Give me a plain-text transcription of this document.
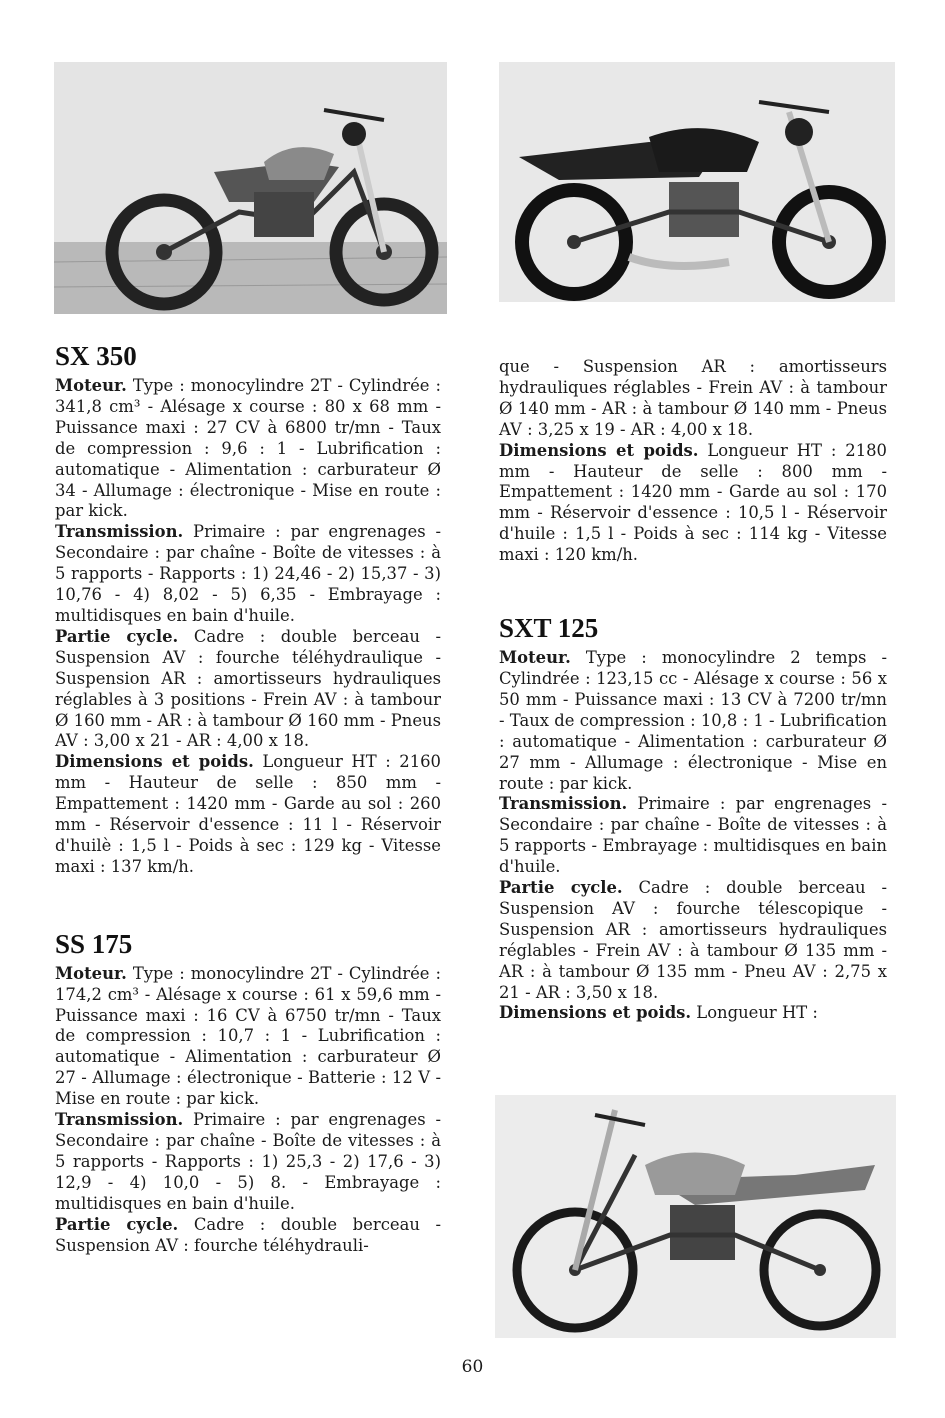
SX 350

Moteur. Type : monocylindre 2T - Cylindrée : 341,8 cm³ - Alésage x course : 80 x 68 mm - Puissance maxi : 27 CV à 6800 tr/mn - Taux de compression : 9,6 : 1 - Lubrification : automatique - Alimentation : carburateur Ø 34 - Allumage : électronique - Mise en route : par kick.

Transmission. Primaire : par engrenages - Secondaire : par chaîne - Boîte de vitesses : à 5 rapports - Rapports : 1) 24,46 - 2) 15,37 - 3) 10,76 - 4) 8,02 - 5) 6,35 - Embrayage : multidisques en bain d'huile.

Partie cycle. Cadre : double berceau - Suspension AV : fourche téléhydraulique - Suspension AR : amortisseurs hydrauliques réglables à 3 positions - Frein AV : à tambour Ø 160 mm - AR : à tambour Ø 160 mm - Pneus AV : 3,00 x 21 - AR : 4,00 x 18.

Dimensions et poids. Longueur HT : 2160 mm - Hauteur de selle : 850 mm - Empattement : 1420 mm - Garde au sol : 260 mm - Réservoir d'essence : 11 l - Réservoir d'huilè : 1,5 l - Poids à sec : 129 kg - Vitesse maxi : 137 km/h.

SS 175

Moteur. Type : monocylindre 2T - Cylindrée : 174,2 cm³ - Alésage x course : 61 x 59,6 mm - Puissance maxi : 16 CV à 6750 tr/mn - Taux de compression : 10,7 : 1 - Lubrification : automatique - Alimentation : carburateur Ø 27 - Allumage : électronique - Batterie : 12 V - Mise en route : par kick.

Transmission. Primaire : par engrenages - Secondaire : par chaîne - Boîte de vitesses : à 5 rapports - Rapports : 1) 25,3 - 2) 17,6 - 3) 12,9 - 4) 10,0 - 5) 8. - Embrayage : multidisques en bain d'huile.

Partie cycle. Cadre : double berceau - Suspension AV : fourche téléhydrauli-

que - Suspension AR : amortisseurs hydrauliques réglables - Frein AV : à tambour Ø 140 mm - AR : à tambour Ø 140 mm - Pneus AV : 3,25 x 19 - AR : 4,00 x 18.

Dimensions et poids. Longueur HT : 2180 mm - Hauteur de selle : 800 mm - Empattement : 1420 mm - Garde au sol : 170 mm - Réservoir d'essence : 10,5 l - Réservoir d'huile : 1,5 l - Poids à sec : 114 kg - Vitesse maxi : 120 km/h.

SXT 125

Moteur. Type : monocylindre 2 temps - Cylindrée : 123,15 cc - Alésage x course : 56 x 50 mm - Puissance maxi : 13 CV à 7200 tr/mn - Taux de compression : 10,8 : 1 - Lubrification : automatique - Alimentation : carburateur Ø 27 mm - Allumage : électronique - Mise en route : par kick.

Transmission. Primaire : par engrenages - Secondaire : par chaîne - Boîte de vitesses : à 5 rapports - Embrayage : multidisques en bain d'huile.

Partie cycle. Cadre : double berceau - Suspension AV : fourche télescopique - Suspension AR : amortisseurs hydrauliques réglables - Frein AV : à tambour Ø 135 mm - AR : à tambour Ø 135 mm - Pneu AV : 2,75 x 21 - AR : 3,50 x 18.

Dimensions et poids. Longueur HT :

60
